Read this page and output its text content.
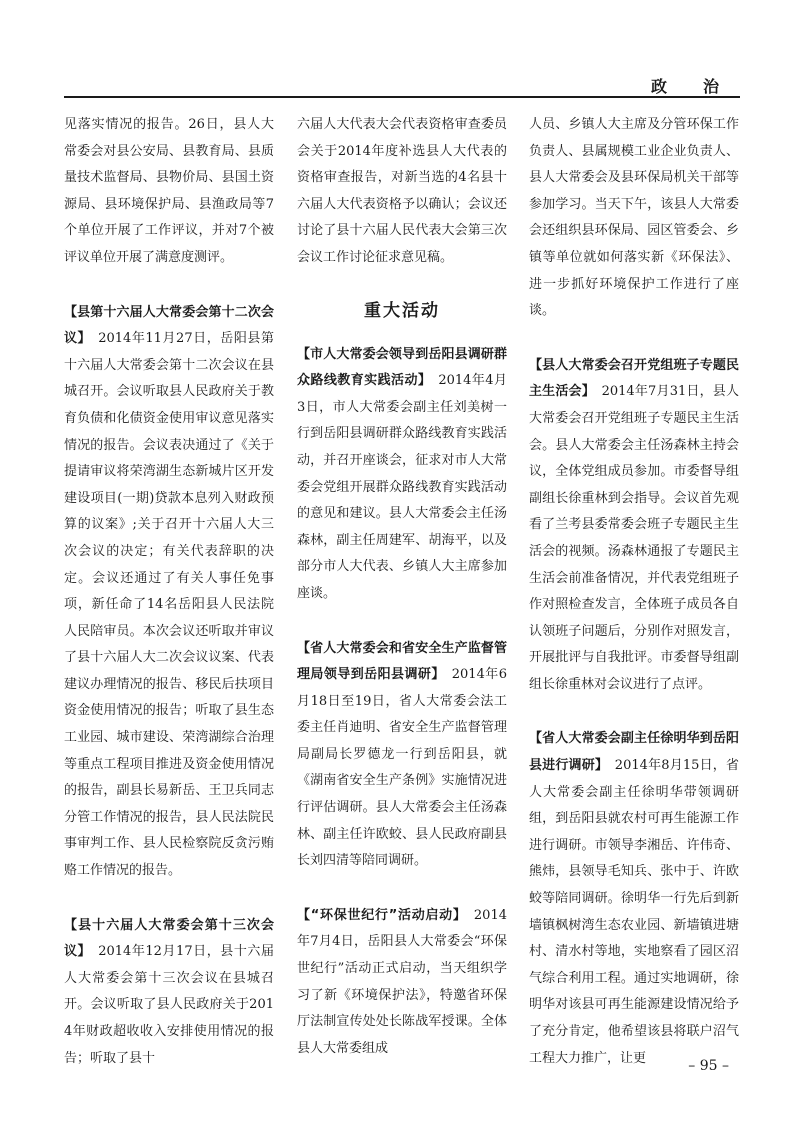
政　治

见落实情况的报告。26日，县人大常委会对县公安局、县教育局、县质量技术监督局、县物价局、县国土资源局、县环境保护局、县渔政局等7个单位开展了工作评议，并对7个被评议单位开展了满意度测评。

【县第十六届人大常委会第十二次会议】　 2014年11月27日，岳阳县第十六届人大常委会第十二次会议在县城召开。会议听取县人民政府关于教育负债和化债资金使用审议意见落实情况的报告。会议表决通过了《关于提请审议将荣湾湖生态新城片区开发建设项目(一期)贷款本息列入财政预算的议案》;关于召开十六届人大三次会议的决定；有关代表辞职的决定。会议还通过了有关人事任免事项，新任命了14名岳阳县人民法院人民陪审员。本次会议还听取并审议了县十六届人大二次会议议案、代表建议办理情况的报告、移民后扶项目资金使用情况的报告；听取了县生态工业园、城市建设、荣湾湖综合治理等重点工程项目推进及资金使用情况的报告，副县长易新岳、王卫兵同志分管工作情况的报告，县人民法院民事审判工作、县人民检察院反贪污贿赂工作情况的报告。

【县十六届人大常委会第十三次会议】　 2014年12月17日，县十六届人大常委会第十三次会议在县城召开。会议听取了县人民政府关于2014年财政超收收入安排使用情况的报告；听取了县十

六届人大代表大会代表资格审查委员会关于2014年度补选县人大代表的资格审查报告，对新当选的4名县十六届人大代表资格予以确认；会议还讨论了县十六届人民代表大会第三次会议工作讨论征求意见稿。

重大活动

【市人大常委会领导到岳阳县调研群众路线教育实践活动】　 2014年4月3日，市人大常委会副主任刘美树一行到岳阳县调研群众路线教育实践活动，并召开座谈会，征求对市人大常委会党组开展群众路线教育实践活动的意见和建议。县人大常委会主任汤森林，副主任周建军、胡海平，以及部分市人大代表、乡镇人大主席参加座谈。

【省人大常委会和省安全生产监督管理局领导到岳阳县调研】　 2014年6月18日至19日，省人大常委会法工委主任肖迪明、省安全生产监督管理局副局长罗德龙一行到岳阳县，就《湖南省安全生产条例》实施情况进行评估调研。县人大常委会主任汤森林、副主任许欧蛟、县人民政府副县长刘四清等陪同调研。

【“环保世纪行”活动启动】　 2014年7月4日，岳阳县人大常委会“环保世纪行”活动正式启动，当天组织学习了新《环境保护法》，特邀省环保厅法制宣传处处长陈战军授课。全体县人大常委组成

人员、乡镇人大主席及分管环保工作负责人、县属规模工业企业负责人、县人大常委会及县环保局机关干部等参加学习。当天下午，该县人大常委会还组织县环保局、园区管委会、乡镇等单位就如何落实新《环保法》、进一步抓好环境保护工作进行了座谈。

【县人大常委会召开党组班子专题民主生活会】　 2014年7月31日，县人大常委会召开党组班子专题民主生活会。县人大常委会主任汤森林主持会议，全体党组成员参加。市委督导组副组长徐重林到会指导。会议首先观看了兰考县委常委会班子专题民主生活会的视频。汤森林通报了专题民主生活会前准备情况，并代表党组班子作对照检查发言，全体班子成员各自认领班子问题后，分别作对照发言，开展批评与自我批评。市委督导组副组长徐重林对会议进行了点评。

【省人大常委会副主任徐明华到岳阳县进行调研】　 2014年8月15日，省人大常委会副主任徐明华带领调研组，到岳阳县就农村可再生能源工作进行调研。市领导李湘岳、许伟奇、熊炜，县领导毛知兵、张中于、许欧蛟等陪同调研。徐明华一行先后到新墙镇枫树湾生态农业园、新墙镇进塘村、清水村等地，实地察看了园区沼气综合利用工程。通过实地调研，徐明华对该县可再生能源建设情况给予了充分肯定，他希望该县将联户沼气工程大力推广，让更	– 95 –
